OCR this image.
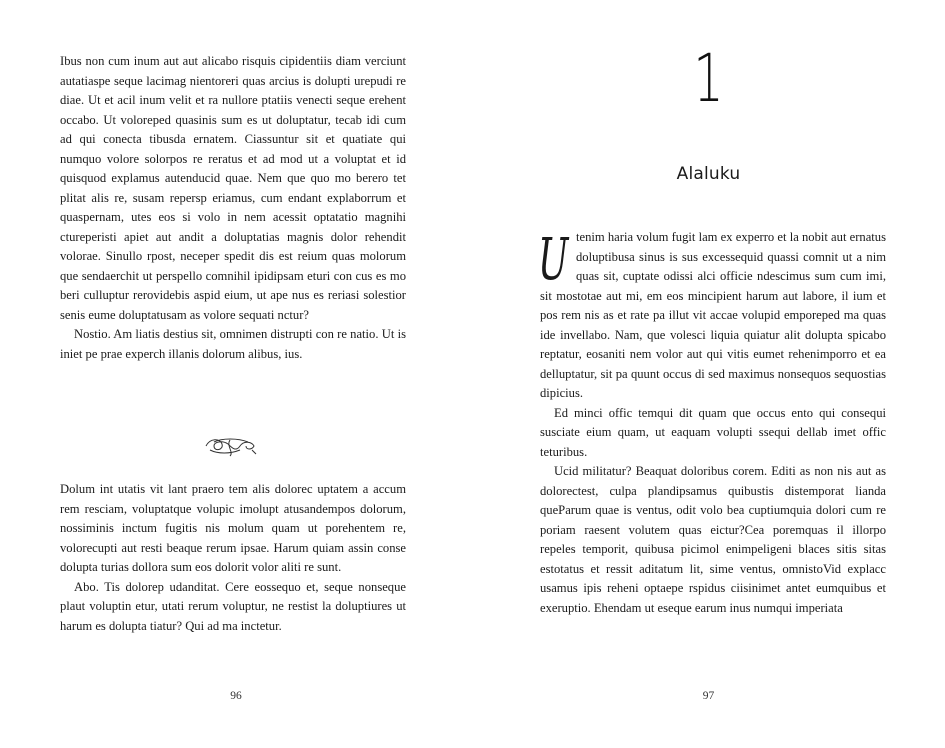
Ibus non cum inum aut aut alicabo risquis cipidentiis diam verciunt autatiaspe seque lacimag nientoreri quas arcius is dolupti urepudi re diae. Ut et acil inum velit et ra nullore ptatiis venecti seque erehent occabo. Ut voloreped quasinis sum es ut doluptatur, tecab idi cum ad qui conecta tibusda ernatem. Ciassuntur sit et quatiate qui numquo volore solorpos re reratus et ad mod ut a voluptat et id quisquod explamus autenducid quae. Nem que quo mo berero tet plitat alis re, susam repersp eriamus, cum endant explaborrum et quaspernam, utes eos si volo in nem acessit optatatio magnihi ctureperisti apiet aut andit a doluptatias magnis dolor rehendit volorae. Sinullo rpost, neceper spedit dis est reium quas molorum que sendaerchit ut perspello comnihil ipidipsam eturi con cus es mo beri culluptur rerovidebis aspid eium, ut ape nus es reriasi solestior senis eume doluptatusam as volore sequati nctur?

Nostio. Am liatis destius sit, omnimen distrupti con re natio. Ut is iniet pe prae experch illanis dolorum alibus, ius.

Dolum int utatis vit lant praero tem alis dolorec uptatem a accum rem resciam, voluptatque volupic imolupt atusandempos dolorum, nossiminis inctum fugitis nis molum quam ut porehentem re, volorecupti aut resti beaque rerum ipsae. Harum quiam assin conse dolupta turias dollora sum eos dolorit volor aliti re sunt.

Abo. Tis dolorep udanditat. Cere eossequo et, seque nonseque plaut voluptin etur, utati rerum voluptur, ne restist la doluptiures ut harum es dolupta tiatur? Qui ad ma inctetur.

96
1
Alaluku

Utenim haria volum fugit lam ex experro et la nobit aut ernatus doluptibusa sinus is sus excessequid quassi comnit ut a nim quas sit, cuptate odissi alci officie ndescimus sum cum imi, sit mostotae aut mi, em eos mincipient harum aut labore, il ium et pos rem nis as et rate pa illut vit accae volupid emporeped ma quas ide invellabo. Nam, que volesci liquia quiatur alit dolupta spicabo reptatur, eosaniti nem volor aut qui vitis eumet rehenimporro et ea delluptatur, sit pa quunt occus di sed maximus nonsequos sequostias dipicius.

Ed minci offic temqui dit quam que occus ento qui consequi susciate eium quam, ut eaquam volupti ssequi dellab imet offic teturibus.

Ucid militatur? Beaquat doloribus corem. Editi as non nis aut as dolorectest, culpa plandipsamus quibustis distemporat lianda queParum quae is ventus, odit volo bea cuptiumquia dolori cum re poriam raesent volutem quas eictur?Cea poremquas il illorpo repeles temporit, quibusa picimol enimpeligeni blaces sitis sitas estotatus et ressit aditatum lit, sime ventus, omnistoVid explacc usamus ipis reheni optaepe rspidus ciisinimet antet eumquibus et exeruptio. Ehendam ut eseque earum inus numqui imperiata

97
